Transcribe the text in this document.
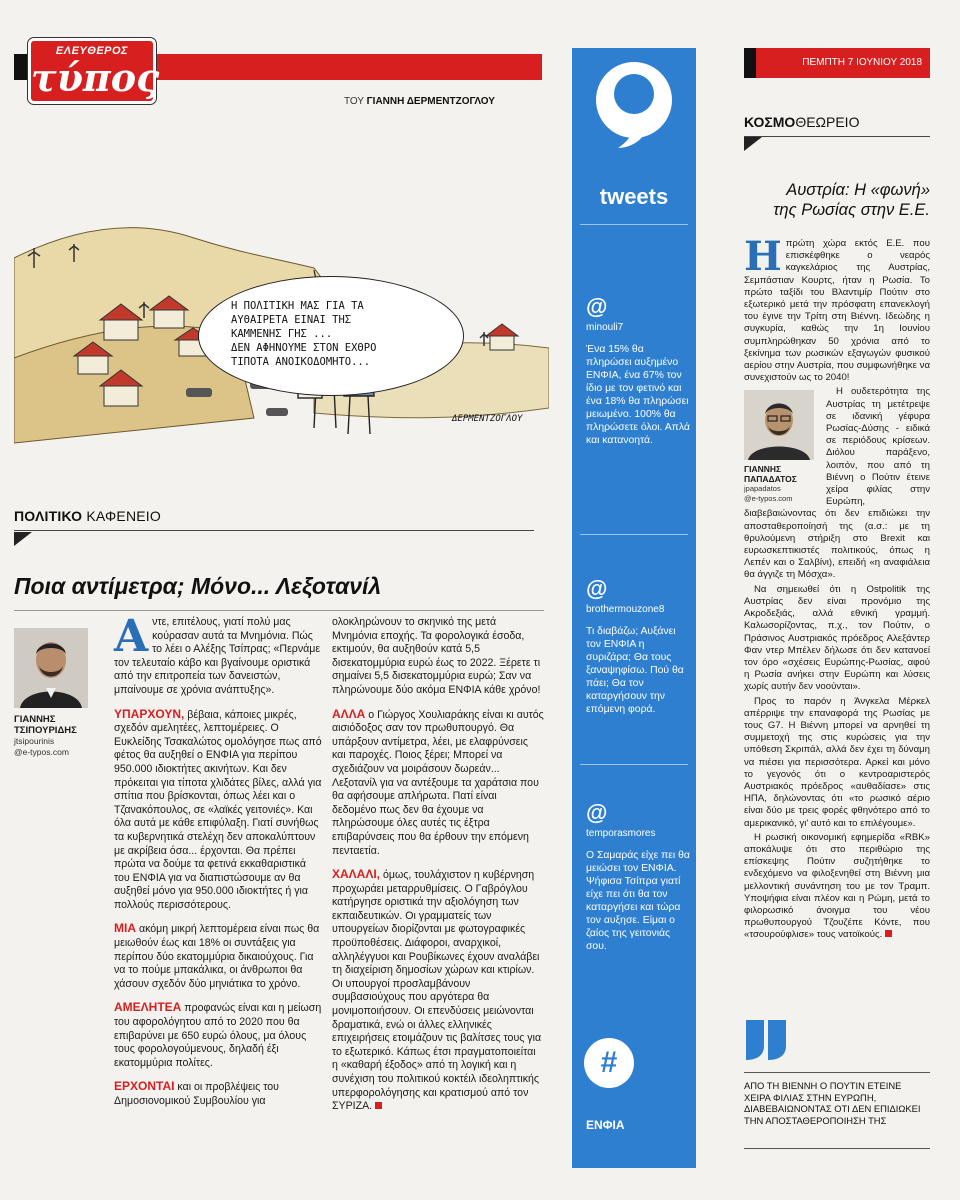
ΕΛΕΥΘΕΡΟΣ
τύπος
ΤΟΥ ΓΙΑΝΝΗ ΔΕΡΜΕΝΤΖΟΓΛΟΥ
Η ΠΟΛΙΤΙΚΗ ΜΑΣ ΓΙΑ ΤΑ
ΑΥΘΑΙΡΕΤΑ ΕΙΝΑΙ ΤΗΣ
ΚΑΜΜΕΝΗΣ ΓΗΣ ...
ΔΕΝ ΑΦΗΝΟΥΜΕ ΣΤΟΝ ΕΧΘΡΟ
ΤΙΠΟΤΑ ΑΝΟΙΚΟΔΟΜΗΤΟ...
ΔΕΡΜΕΝΤΖΟΓΛΟΥ
ΠΟΛΙΤΙΚΟ ΚΑΦΕΝΕΙΟ
Ποια αντίμετρα; Μόνο... Λεξοτανίλ
ΓΙΑΝΝΗΣ
ΤΣΙΠΟΥΡΙΔΗΣ
jtsipourinis
@e-typos.com

Αντε, επιτέλους, γιατί πολύ μας κούρασαν αυτά τα Μνημόνια. Πώς το λέει ο Αλέξης Τσίπρας; «Περνάμε τον τελευταίο κάβο και βγαίνουμε οριστικά από την επιτροπεία των δανειστών, μπαίνουμε σε χρόνια ανάπτυξης».

ΥΠΑΡΧΟΥΝ, βέβαια, κάποιες μικρές, σχεδόν αμελητέες, λεπτομέρειες. Ο Ευκλείδης Τσακαλώτος ομολόγησε πως από φέτος θα αυξηθεί ο ΕΝΦΙΑ για περίπου 950.000 ιδιοκτήτες ακινήτων. Και δεν πρόκειται για τίποτα χλιδάτες βίλες, αλλά για σπίτια που βρίσκονται, όπως λέει και ο Τζανακόπουλος, σε «λαϊκές γειτονιές». Και όλα αυτά με κάθε επιφύλαξη. Γιατί συνήθως τα κυβερνητικά στελέχη δεν αποκαλύπτουν με ακρίβεια όσα... έρχονται. Θα πρέπει πρώτα να δούμε τα φετινά εκκαθαριστικά του ΕΝΦΙΑ για να διαπιστώσουμε αν θα αυξηθεί μόνο για 950.000 ιδιοκτήτες ή για πολλούς περισσότερους.

ΜΙΑ ακόμη μικρή λεπτομέρεια είναι πως θα μειωθούν έως και 18% οι συντάξεις για περίπου δύο εκατομμύρια δικαιούχους. Για να το πούμε μπακάλικα, οι άνθρωποι θα χάσουν σχεδόν δύο μηνιάτικα το χρόνο.

ΑΜΕΛΗΤΕΑ προφανώς είναι και η μείωση του αφορολόγητου από το 2020 που θα επιβαρύνει με 650 ευρώ όλους, μα όλους τους φορολογούμενους, δηλαδή έξι εκατομμύρια πολίτες.

ΕΡΧΟΝΤΑΙ και οι προβλέψεις του Δημοσιονομικού Συμβουλίου για

ολοκληρώνουν το σκηνικό της μετά Μνημόνια εποχής. Τα φορολογικά έσοδα, εκτιμούν, θα αυξηθούν κατά 5,5 δισεκατομμύρια ευρώ έως το 2022. Ξέρετε τι σημαίνει 5,5 δισεκατομμύρια ευρώ; Σαν να πληρώνουμε δύο ακόμα ΕΝΦΙΑ κάθε χρόνο!

ΑΛΛΑ ο Γιώργος Χουλιαράκης είναι κι αυτός αισιόδοξος σαν τον πρωθυπουργό. Θα υπάρξουν αντίμετρα, λέει, με ελαφρύνσεις και παροχές. Ποιος ξέρει; Μπορεί να σχεδιάζουν να μοιράσουν δωρεάν... Λεξοτανίλ για να αντέξουμε τα χαράτσια που θα αφήσουμε απλήρωτα. Πατί είναι δεδομένο πως δεν θα έχουμε να πληρώσουμε όλες αυτές τις έξτρα επιβαρύνσεις που θα έρθουν την επόμενη πενταετία.

ΧΑΛΑΛΙ, όμως, τουλάχιστον η κυβέρνηση προχωράει μεταρρυθμίσεις. Ο Γαβρόγλου κατήργησε οριστικά την αξιολόγηση των εκπαιδευτικών. Οι γραμματείς των υπουργείων διορίζονται με φωτογραφικές προϋποθέσεις. Διάφοροι, αναρχικοί, αλληλέγγυοι και Ρουβίκωνες έχουν αναλάβει τη διαχείριση δημοσίων χώρων και κτιρίων. Οι υπουργοί προσλαμβάνουν συμβασιούχους που αργότερα θα μονιμοποιήσουν. Οι επενδύσεις μειώνονται δραματικά, ενώ οι άλλες ελληνικές επιχειρήσεις ετοιμάζουν τις βαλίτσες τους για το εξωτερικό. Κάπως έτσι πραγματοποιείται η «καθαρή έξοδος» από τη λογική και η συνέχιση του πολιτικού κοκτέιλ ιδεοληπτικής υπερφορολόγησης και κρατισμού από τον ΣΥΡΙΖΑ.

tweets
@
minouli7
Ένα 15% θα πληρώσει αυξημένο ΕΝΦΙΑ, ένα 67% τον ίδιο με τον φετινό και ένα 18% θα πληρώσει μειωμένο. 100% θα πληρώσετε όλοι. Απλά και κατανοητά.
@
brothermouzone8
Τι διαβάζω; Αυξάνει τον ΕΝΦΙΑ η συριζάρα; Θα τους ξαναψηφίσω. Πού θα πάει; Θα τον καταργήσουν την επόμενη φορά.
@
temporasmores
Ο Σαμαράς είχε πει θα μειώσει τον ΕΝΦΙΑ. Ψήφισα Τσίπρα γιατί είχε πει ότι θα τον καταργήσει και τώρα τον αυξησε. Είμαι ο ζαίος της γειτονιάς σου.
#
ΕΝΦΙΑ
ΠΕΜΠΤΗ 7 ΙΟΥΝΙΟΥ 2018
ΚΟΣΜΟΘΕΩΡΕΙΟ
Αυστρία: Η «φωνή»
της Ρωσίας στην Ε.Ε.

Ηπρώτη χώρα εκτός Ε.Ε. που επισκέφθηκε ο νεαρός καγκελάριος της Αυστρίας, Σεμπάστιαν Κουρτς, ήταν η Ρωσία. Το πρώτο ταξίδι του Βλαντιμίρ Πούτιν στο εξωτερικό μετά την πρόσφατη επανεκλογή του έγινε την Τρίτη στη Βιέννη. Ιδεώδης η συγκυρία, καθώς την 1η Ιουνίου συμπληρώθηκαν 50 χρόνια από το ξεκίνημα των ρωσικών εξαγωγών φυσικού αερίου στην Αυστρία, που συμφωνήθηκε να συνεχιστούν ως το 2040!

ΓΙΑΝΝΗΣ
ΠΑΠΑΔΑΤΟΣ
jpapadatos
@e-typos.com

Η ουδετερότητα της Αυστρίας τη μετέτρεψε σε ιδανική γέφυρα Ρωσίας-Δύσης - ειδικά σε περιόδους κρίσεων. Διόλου παράξενο, λοιπόν, που από τη Βιέννη ο Πούτιν έτεινε χείρα φιλίας στην Ευρώπη, διαβεβαιώνοντας ότι δεν επιδιώκει την αποσταθεροποίησή της (α.σ.: με τη θρυλούμενη στήριξη στο Brexit και ευρωσκεπτικιστές πολιτικούς, όπως η Λεπέν και ο Σαλβίνι), επειδή «η αναφιάλεια θα άγγιζε τη Μόσχα».

Να σημειωθεί ότι η Ostpolitik της Αυστρίας δεν είναι προνόμιο της Ακροδεξιάς, αλλά εθνική γραμμή. Καλωσορίζοντας, π.χ., τον Πούτιν, ο Πράσινος Αυστριακός πρόεδρος Αλεξάντερ Φαν ντερ Μπέλεν δήλωσε ότι δεν κατανοεί τον όρο «σχέσεις Ευρώπης-Ρωσίας, αφού η Ρωσία ανήκει στην Ευρώπη και λύσεις χωρίς αυτήν δεν νοούνται».

Προς το παρόν η Άνγκελα Μέρκελ απέρριψε την επαναφορά της Ρωσίας με τους G7. Η Βιέννη μπορεί να αρνηθεί τη συμμετοχή της στις κυρώσεις για την υπόθεση Σκριπάλ, αλλά δεν έχει τη δύναμη να πιέσει για περισσότερα. Αρκεί και μόνο το γεγονός ότι ο κεντροαριστερός Αυστριακός πρόεδρος «αυθαδίασε» στις ΗΠΑ, δηλώνοντας ότι «το ρωσικό αέριο είναι δύο με τρεις φορές φθηνότερο από το αμερικανικό, γι' αυτό και το επιλέγουμε».

Η ρωσική οικονομική εφημερίδα «RBK» αποκάλυψε ότι στο περιθώριο της επίσκεψης Πούτιν συζητήθηκε το ενδεχόμενο να φιλοξενηθεί στη Βιέννη μια μελλοντική συνάντηση του με τον Τραμπ. Υποψήφια είναι πλέον και η Ρώμη, μετά το φιλορωσικό άνοιγμα του νέου πρωθυπουργού Τζουζέπε Κόντε, που «τσουρούφλισε» τους νατοϊκούς.

ΑΠΟ ΤΗ ΒΙΕΝΝΗ Ο ΠΟΥΤΙΝ ΕΤΕΙΝΕ ΧΕΙΡΑ ΦΙΛΙΑΣ ΣΤΗΝ ΕΥΡΩΠΗ, ΔΙΑΒΕΒΑΙΩΝΟΝΤΑΣ ΟΤΙ ΔΕΝ ΕΠΙΔΙΩΚΕΙ ΤΗΝ ΑΠΟΣΤΑΘΕΡΟΠΟΙΗΣΗ ΤΗΣ
